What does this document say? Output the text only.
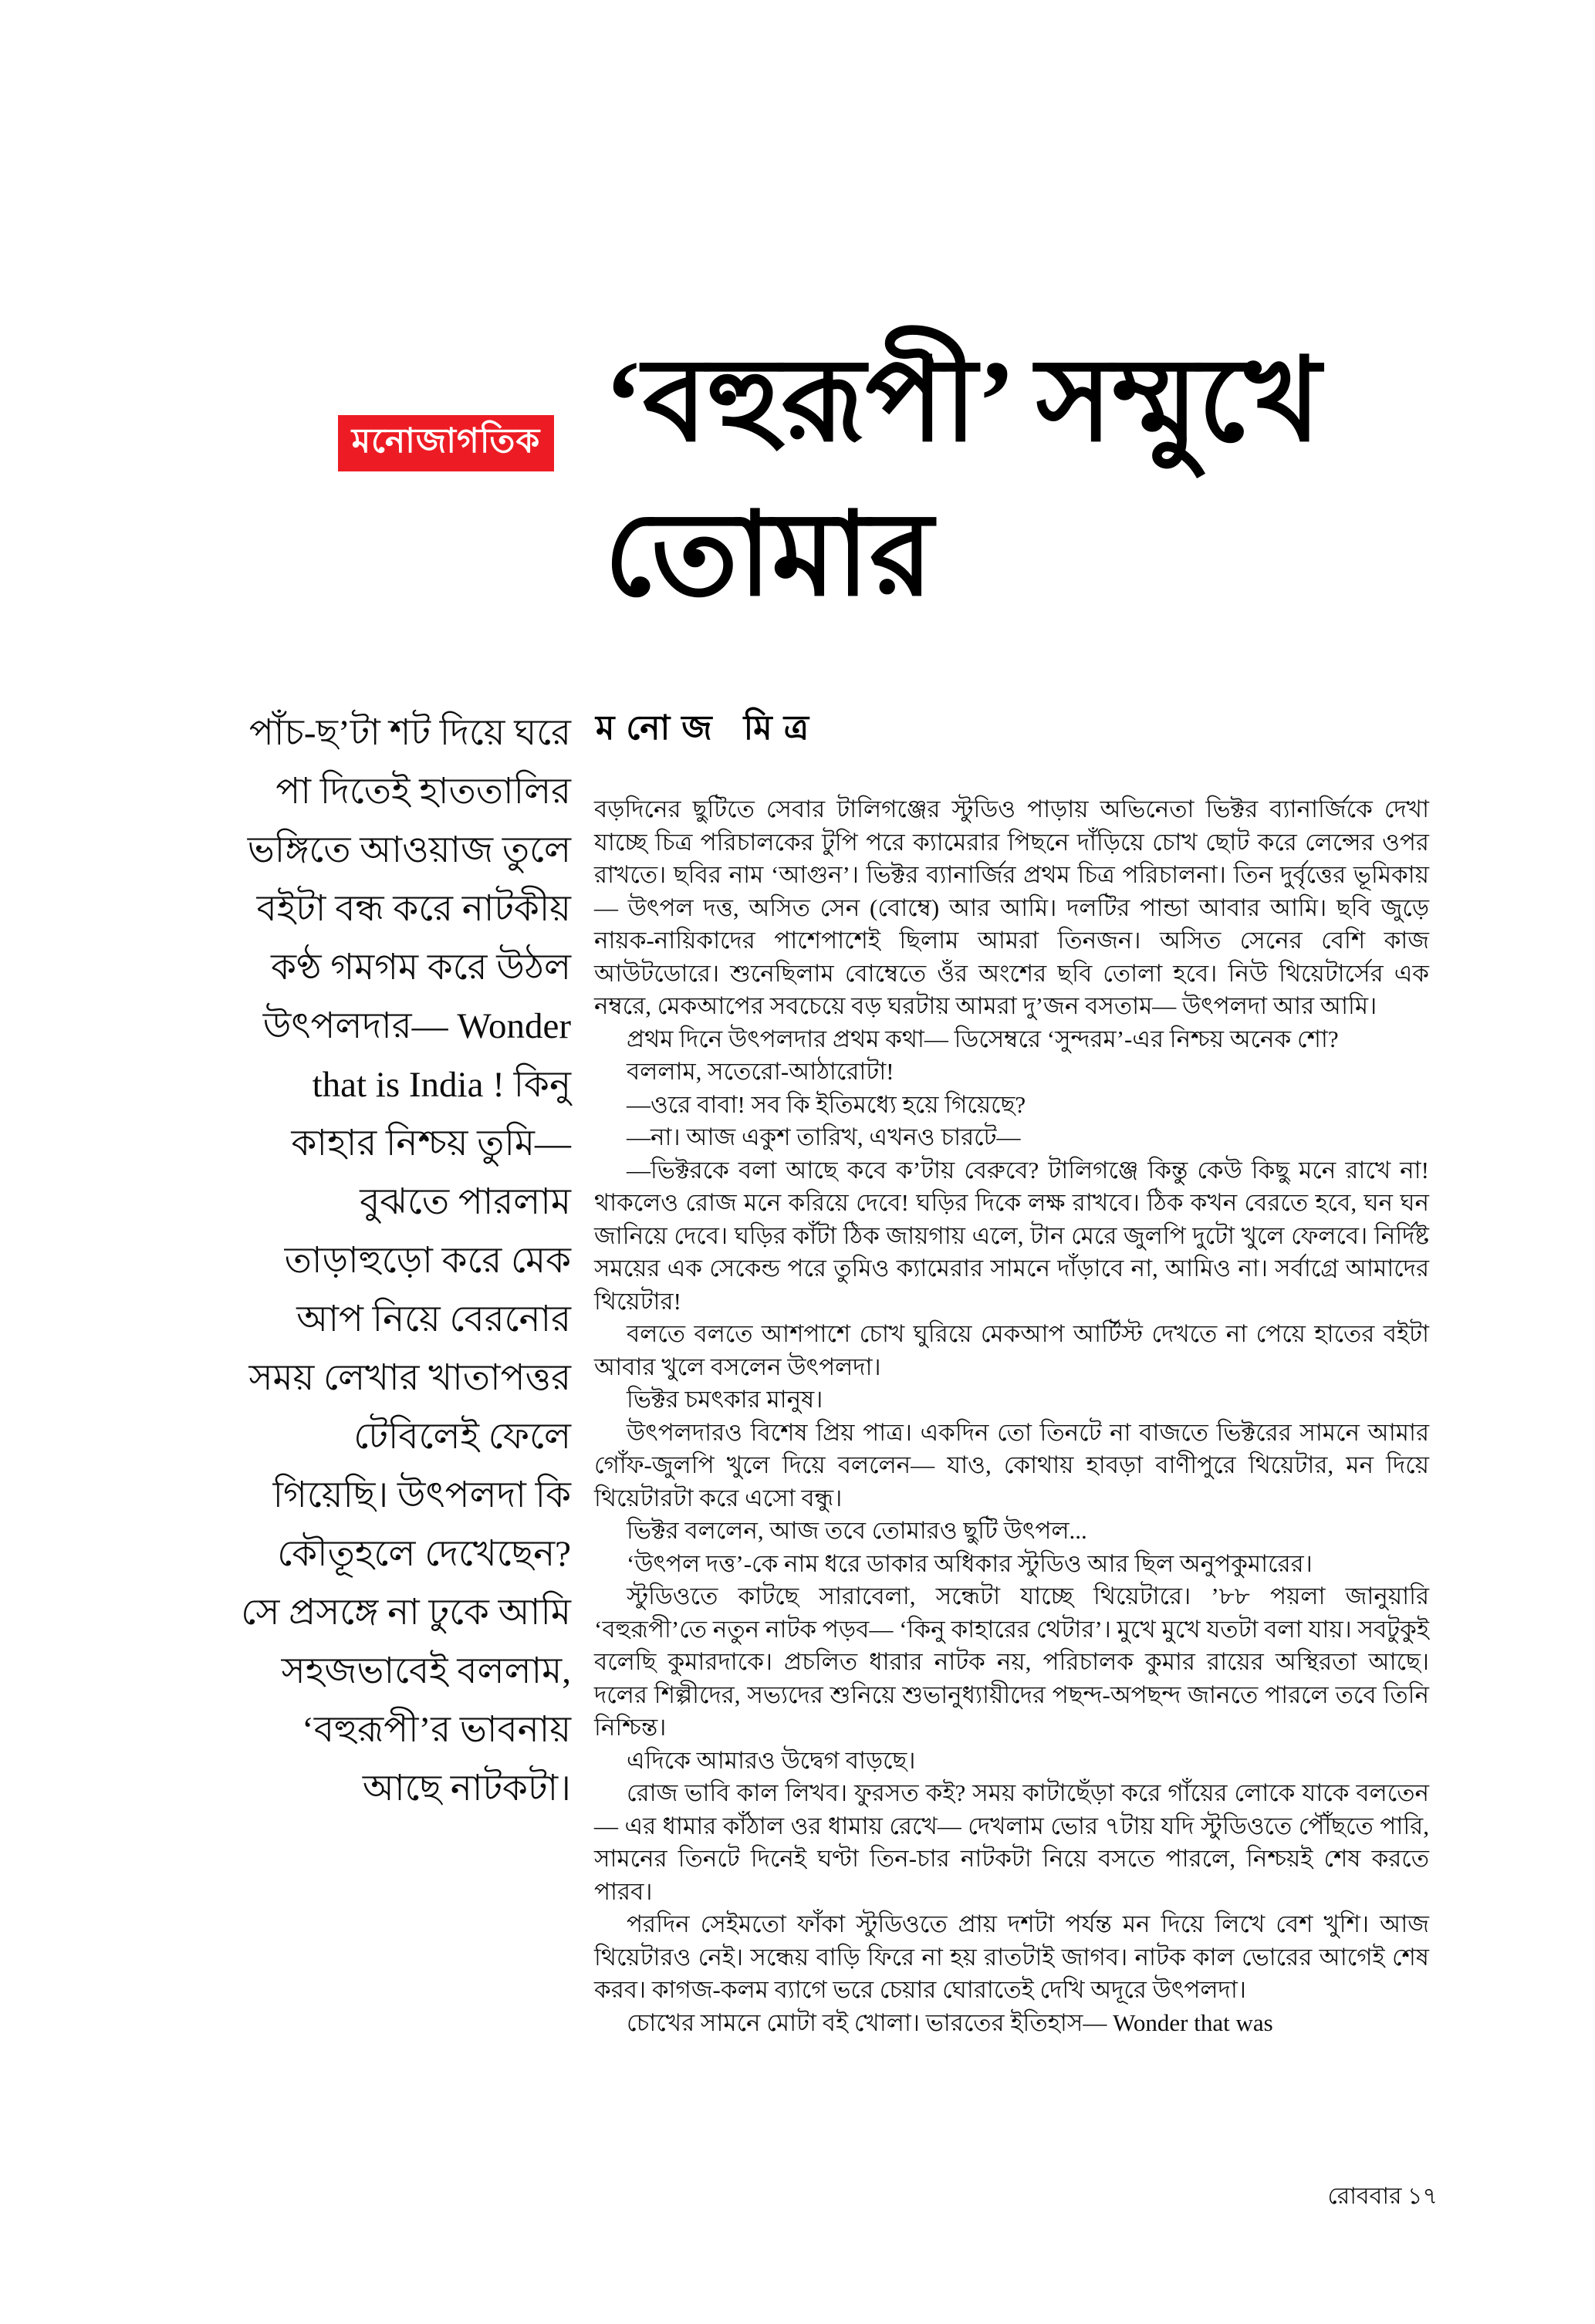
মনোজাগতিক ‘বহুরূপী’ সম্মুখে
তোমার
ম নো জ   মি ত্র
পাঁচ-ছ’টা শট দিয়ে ঘরে
পা দিতেই হাততালির
ভঙ্গিতে আওয়াজ তুলে
বইটা বন্ধ করে নাটকীয়
কণ্ঠ গমগম করে উঠল
উৎপলদার— Wonder
that is India ! কিনু
কাহার নিশ্চয় তুমি—
বুঝতে পারলাম
তাড়াহুড়ো করে মেক
আপ নিয়ে বেরনোর
সময় লেখার খাতাপত্তর
টেবিলেই ফেলে
গিয়েছি। উৎপলদা কি
কৌতূহলে দেখেছেন?
সে প্রসঙ্গে না ঢুকে আমি
সহজভাবেই বললাম,
‘বহুরূপী’র ভাবনায়
আছে নাটকটা।

বড়দিনের ছুটিতে সেবার টালিগঞ্জের স্টুডিও পাড়ায় অভিনেতা ভিক্টর ব্যানার্জিকে দেখা যাচ্ছে চিত্র পরিচালকের টুপি পরে ক্যামেরার পিছনে দাঁড়িয়ে চোখ ছোট করে লেন্সের ওপর রাখতে। ছবির নাম ‘আগুন’। ভিক্টর ব্যানার্জির প্রথম চিত্র পরিচালনা। তিন দুর্বৃত্তের ভূমিকায়— উৎপল দত্ত, অসিত সেন (বোম্বে) আর আমি। দলটির পান্ডা আবার আমি। ছবি জুড়ে নায়ক-নায়িকাদের পাশেপাশেই ছিলাম আমরা তিনজন। অসিত সেনের বেশি কাজ আউটডোরে। শুনেছিলাম বোম্বেতে ওঁর অংশের ছবি তোলা হবে। নিউ থিয়েটার্সের এক নম্বরে, মেকআপের সবচেয়ে বড় ঘরটায় আমরা দু’জন বসতাম— উৎপলদা আর আমি।

প্রথম দিনে উৎপলদার প্রথম কথা— ডিসেম্বরে ‘সুন্দরম’-এর নিশ্চয় অনেক শো?

বললাম, সতেরো-আঠারোটা!

—ওরে বাবা! সব কি ইতিমধ্যে হয়ে গিয়েছে?

—না। আজ একুশ তারিখ, এখনও চারটে—

—ভিক্টরকে বলা আছে কবে ক’টায় বেরুবে? টালিগঞ্জে কিন্তু কেউ কিছু মনে রাখে না! থাকলেও রোজ মনে করিয়ে দেবে! ঘড়ির দিকে লক্ষ রাখবে। ঠিক কখন বেরতে হবে, ঘন ঘন জানিয়ে দেবে। ঘড়ির কাঁটা ঠিক জায়গায় এলে, টান মেরে জুলপি দুটো খুলে ফেলবে। নির্দিষ্ট সময়ের এক সেকেন্ড পরে তুমিও ক্যামেরার সামনে দাঁড়াবে না, আমিও না। সর্বাগ্রে আমাদের থিয়েটার!

বলতে বলতে আশপাশে চোখ ঘুরিয়ে মেকআপ আর্টিস্ট দেখতে না পেয়ে হাতের বইটা আবার খুলে বসলেন উৎপলদা।

ভিক্টর চমৎকার মানুষ।

উৎপলদারও বিশেষ প্রিয় পাত্র। একদিন তো তিনটে না বাজতে ভিক্টরের সামনে আমার গোঁফ-জুলপি খুলে দিয়ে বললেন— যাও, কোথায় হাবড়া বাণীপুরে থিয়েটার, মন দিয়ে থিয়েটারটা করে এসো বন্ধু।

ভিক্টর বললেন, আজ তবে তোমারও ছুটি উৎপল...

‘উৎপল দত্ত’-কে নাম ধরে ডাকার অধিকার স্টুডিও আর ছিল অনুপকুমারের।

স্টুডিওতে কাটছে সারাবেলা, সন্ধেটা যাচ্ছে থিয়েটারে। ’৮৮ পয়লা জানুয়ারি ‘বহুরূপী’তে নতুন নাটক পড়ব— ‘কিনু কাহারের থেটার’। মুখে মুখে যতটা বলা যায়। সবটুকুই বলেছি কুমারদাকে। প্রচলিত ধারার নাটক নয়, পরিচালক কুমার রায়ের অস্থিরতা আছে। দলের শিল্পীদের, সভ্যদের শুনিয়ে শুভানুধ্যায়ীদের পছন্দ-অপছন্দ জানতে পারলে তবে তিনি নিশ্চিন্ত।

এদিকে আমারও উদ্বেগ বাড়ছে।

রোজ ভাবি কাল লিখব। ফুরসত কই? সময় কাটাছেঁড়া করে গাঁয়ের লোকে যাকে বলতেন— এর ধামার কাঁঠাল ওর ধামায় রেখে— দেখলাম ভোর ৭টায় যদি স্টুডিওতে পৌঁছতে পারি, সামনের তিনটে দিনেই ঘণ্টা তিন-চার নাটকটা নিয়ে বসতে পারলে, নিশ্চয়ই শেষ করতে পারব।

পরদিন সেইমতো ফাঁকা স্টুডিওতে প্রায় দশটা পর্যন্ত মন দিয়ে লিখে বেশ খুশি। আজ থিয়েটারও নেই। সন্ধেয় বাড়ি ফিরে না হয় রাতটাই জাগব। নাটক কাল ভোরের আগেই শেষ করব। কাগজ-কলম ব্যাগে ভরে চেয়ার ঘোরাতেই দেখি অদূরে উৎপলদা।

চোখের সামনে মোটা বই খোলা। ভারতের ইতিহাস— Wonder that was

রোববার ১৭
